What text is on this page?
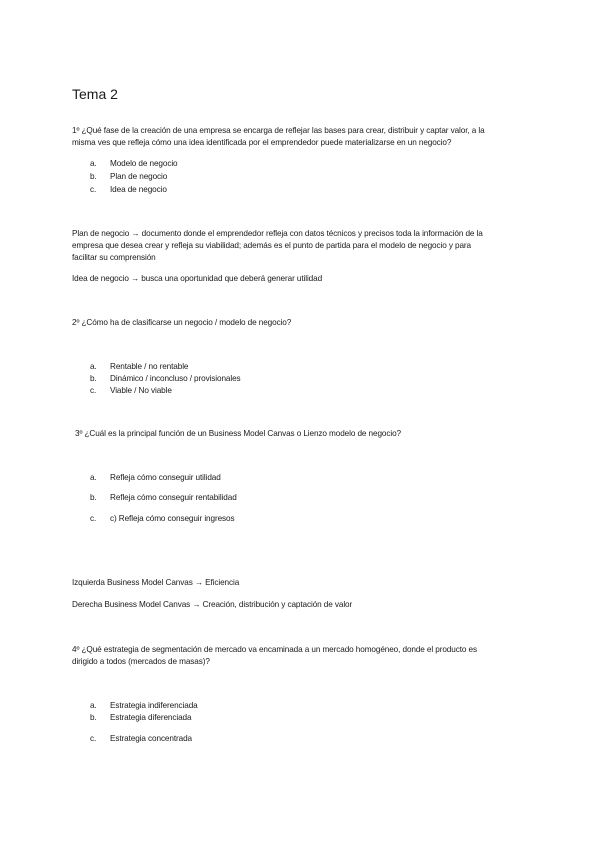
Tema 2
1º ¿Qué fase de la creación de una empresa se encarga de reflejar las bases para crear, distribuir y captar valor, a la
misma ves que refleja cómo una idea identificada por el emprendedor puede materializarse en un negocio?
a. Modelo de negocio
b. Plan de negocio
c. Idea de negocio
Plan de negocio → documento donde el emprendedor refleja con datos técnicos y precisos toda la información de la
empresa que desea crear y refleja su viabilidad; además es el punto de partida para el modelo de negocio y para
facilitar su comprensión
Idea de negocio → busca una oportunidad que deberá generar utilidad
2º ¿Cómo ha de clasificarse un negocio / modelo de negocio?
a. Rentable / no rentable
b. Dinámico / inconcluso / provisionales
c. Viable / No viable
3º ¿Cuál es la principal función de un Business Model Canvas o Lienzo modelo de negocio?
a. Refleja cómo conseguir utilidad
b. Refleja cómo conseguir rentabilidad
c. c) Refleja cómo conseguir ingresos
Izquierda Business Model Canvas → Eficiencia
Derecha Business Model Canvas → Creación, distribución y captación de valor
4º ¿Qué estrategia de segmentación de mercado va encaminada a un mercado homogéneo, donde el producto es
dirigido a todos (mercados de masas)?
a. Estrategia indiferenciada
b. Estrategia diferenciada
c. Estrategia concentrada
